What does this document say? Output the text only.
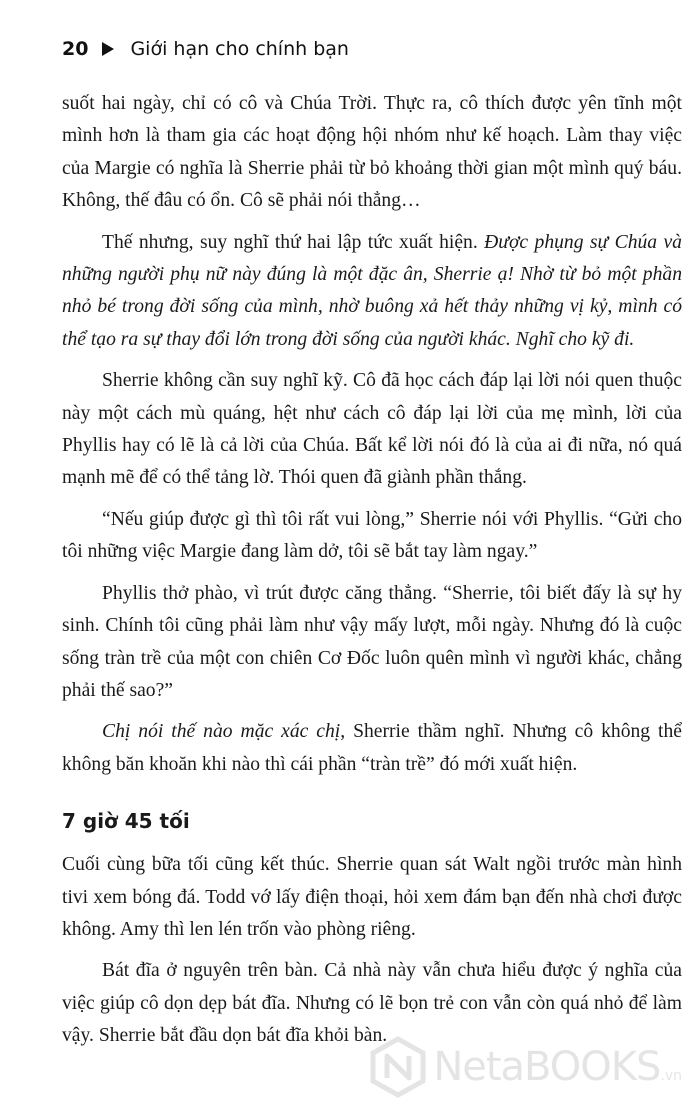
20 Giới hạn cho chính bạn

suốt hai ngày, chỉ có cô và Chúa Trời. Thực ra, cô thích được yên tĩnh một mình hơn là tham gia các hoạt động hội nhóm như kế hoạch. Làm thay việc của Margie có nghĩa là Sherrie phải từ bỏ khoảng thời gian một mình quý báu. Không, thế đâu có ổn. Cô sẽ phải nói thẳng…

Thế nhưng, suy nghĩ thứ hai lập tức xuất hiện. Được phụng sự Chúa và những người phụ nữ này đúng là một đặc ân, Sherrie ạ! Nhờ từ bỏ một phần nhỏ bé trong đời sống của mình, nhờ buông xả hết thảy những vị kỷ, mình có thể tạo ra sự thay đổi lớn trong đời sống của người khác. Nghĩ cho kỹ đi.

Sherrie không cần suy nghĩ kỹ. Cô đã học cách đáp lại lời nói quen thuộc này một cách mù quáng, hệt như cách cô đáp lại lời của mẹ mình, lời của Phyllis hay có lẽ là cả lời của Chúa. Bất kể lời nói đó là của ai đi nữa, nó quá mạnh mẽ để có thể tảng lờ. Thói quen đã giành phần thắng.

“Nếu giúp được gì thì tôi rất vui lòng,” Sherrie nói với Phyllis. “Gửi cho tôi những việc Margie đang làm dở, tôi sẽ bắt tay làm ngay.”

Phyllis thở phào, vì trút được căng thẳng. “Sherrie, tôi biết đấy là sự hy sinh. Chính tôi cũng phải làm như vậy mấy lượt, mỗi ngày. Nhưng đó là cuộc sống tràn trề của một con chiên Cơ Đốc luôn quên mình vì người khác, chẳng phải thế sao?”

Chị nói thế nào mặc xác chị, Sherrie thầm nghĩ. Nhưng cô không thể không băn khoăn khi nào thì cái phần “tràn trề” đó mới xuất hiện.

7 giờ 45 tối

Cuối cùng bữa tối cũng kết thúc. Sherrie quan sát Walt ngồi trước màn hình tivi xem bóng đá. Todd vớ lấy điện thoại, hỏi xem đám bạn đến nhà chơi được không. Amy thì len lén trốn vào phòng riêng.

Bát đĩa ở nguyên trên bàn. Cả nhà này vẫn chưa hiểu được ý nghĩa của việc giúp cô dọn dẹp bát đĩa. Nhưng có lẽ bọn trẻ con vẫn còn quá nhỏ để làm vậy. Sherrie bắt đầu dọn bát đĩa khỏi bàn.

NetaBOOKS.vn
